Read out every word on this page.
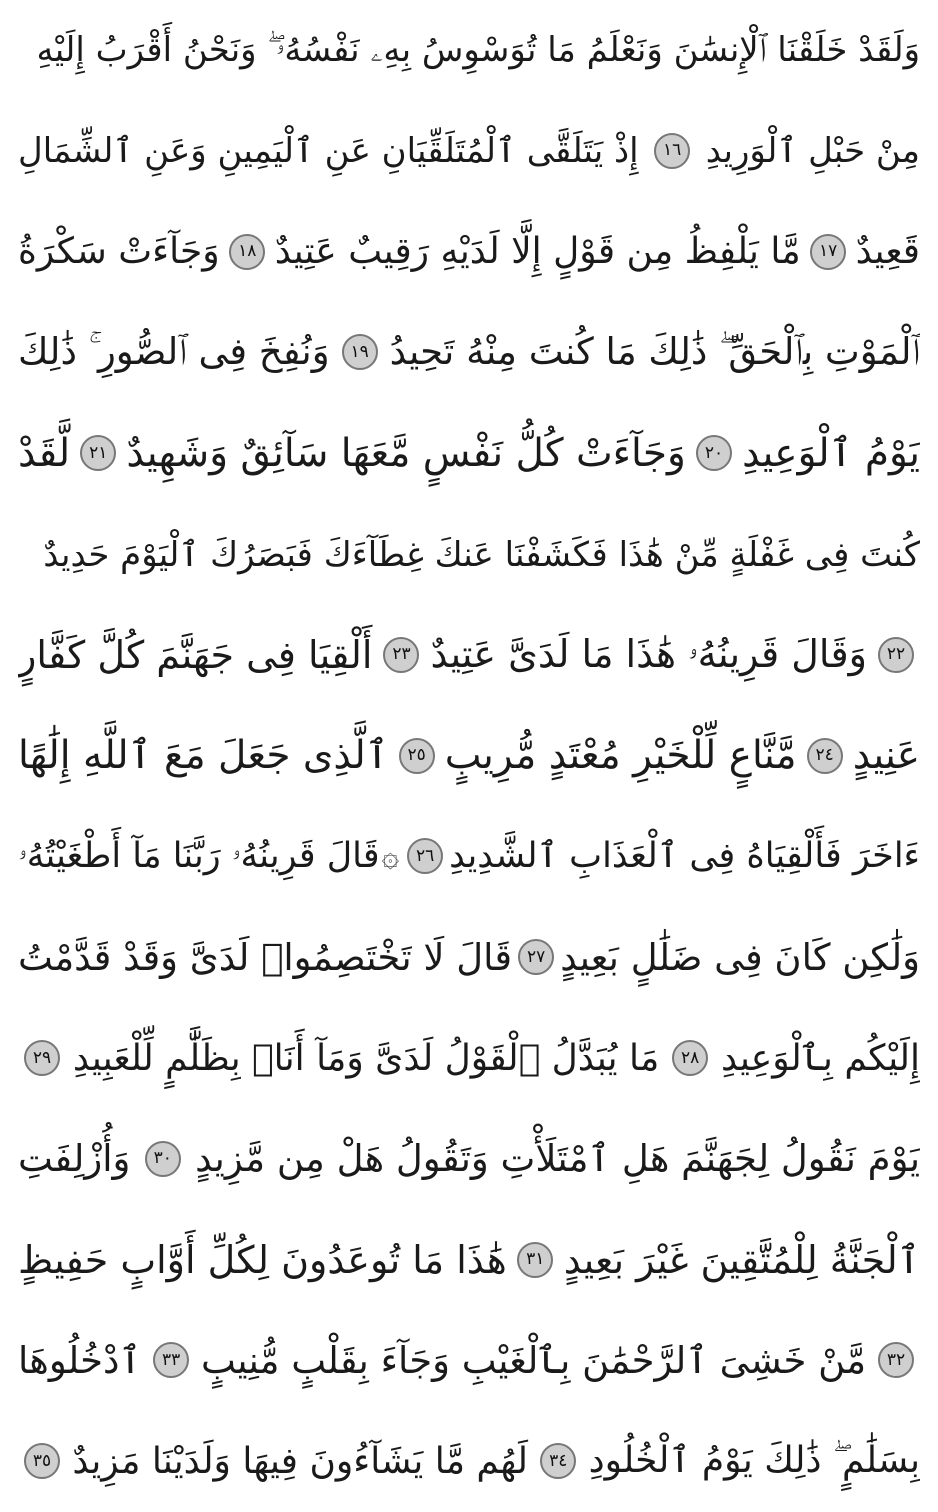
وَلَقَدْ خَلَقْنَا ٱلْإِنسَٰنَ وَنَعْلَمُ مَا تُوَسْوِسُ بِهِۦ نَفْسُهُۥ ۖ وَنَحْنُ أَقْرَبُ إِلَيْهِ
مِنْ حَبْلِ ٱلْوَرِيدِ
١٦
إِذْ يَتَلَقَّى ٱلْمُتَلَقِّيَانِ عَنِ ٱلْيَمِينِ وَعَنِ ٱلشِّمَالِ
قَعِيدٌ
١٧
مَّا يَلْفِظُ مِن قَوْلٍ إِلَّا لَدَيْهِ رَقِيبٌ عَتِيدٌ
١٨
وَجَآءَتْ سَكْرَةُ
ٱلْمَوْتِ بِٱلْحَقِّ ۖ ذَٰلِكَ مَا كُنتَ مِنْهُ تَحِيدُ
١٩
وَنُفِخَ فِى ٱلصُّورِ ۚ ذَٰلِكَ
يَوْمُ ٱلْوَعِيدِ
٢٠
وَجَآءَتْ كُلُّ نَفْسٍ مَّعَهَا سَآئِقٌ وَشَهِيدٌ
٢١
لَّقَدْ
كُنتَ فِى غَفْلَةٍ مِّنْ هَٰذَا فَكَشَفْنَا عَنكَ غِطَآءَكَ فَبَصَرُكَ ٱلْيَوْمَ حَدِيدٌ
٢٢
وَقَالَ قَرِينُهُۥ هَٰذَا مَا لَدَىَّ عَتِيدٌ
٢٣
أَلْقِيَا فِى جَهَنَّمَ كُلَّ كَفَّارٍ
عَنِيدٍ
٢٤
مَّنَّاعٍ لِّلْخَيْرِ مُعْتَدٍ مُّرِيبٍ
٢٥
ٱلَّذِى جَعَلَ مَعَ ٱللَّهِ إِلَٰهًا
ءَاخَرَ فَأَلْقِيَاهُ فِى ٱلْعَذَابِ ٱلشَّدِيدِ
٢٦
۞
قَالَ قَرِينُهُۥ رَبَّنَا مَآ أَطْغَيْتُهُۥ
وَلَٰكِن كَانَ فِى ضَلَٰلٍ بَعِيدٍ
٢٧
قَالَ لَا تَخْتَصِمُوا۟ لَدَىَّ وَقَدْ قَدَّمْتُ
إِلَيْكُم بِٱلْوَعِيدِ
٢٨
مَا يُبَدَّلُ ٱلْقَوْلُ لَدَىَّ وَمَآ أَنَا۠ بِظَلَّٰمٍ لِّلْعَبِيدِ
٢٩
يَوْمَ نَقُولُ لِجَهَنَّمَ هَلِ ٱمْتَلَأْتِ وَتَقُولُ هَلْ مِن مَّزِيدٍ
٣٠
وَأُزْلِفَتِ
ٱلْجَنَّةُ لِلْمُتَّقِينَ غَيْرَ بَعِيدٍ
٣١
هَٰذَا مَا تُوعَدُونَ لِكُلِّ أَوَّابٍ حَفِيظٍ
٣٢
مَّنْ خَشِىَ ٱلرَّحْمَٰنَ بِٱلْغَيْبِ وَجَآءَ بِقَلْبٍ مُّنِيبٍ
٣٣
ٱدْخُلُوهَا
بِسَلَٰمٍ ۖ ذَٰلِكَ يَوْمُ ٱلْخُلُودِ
٣٤
لَهُم مَّا يَشَآءُونَ فِيهَا وَلَدَيْنَا مَزِيدٌ
٣٥
